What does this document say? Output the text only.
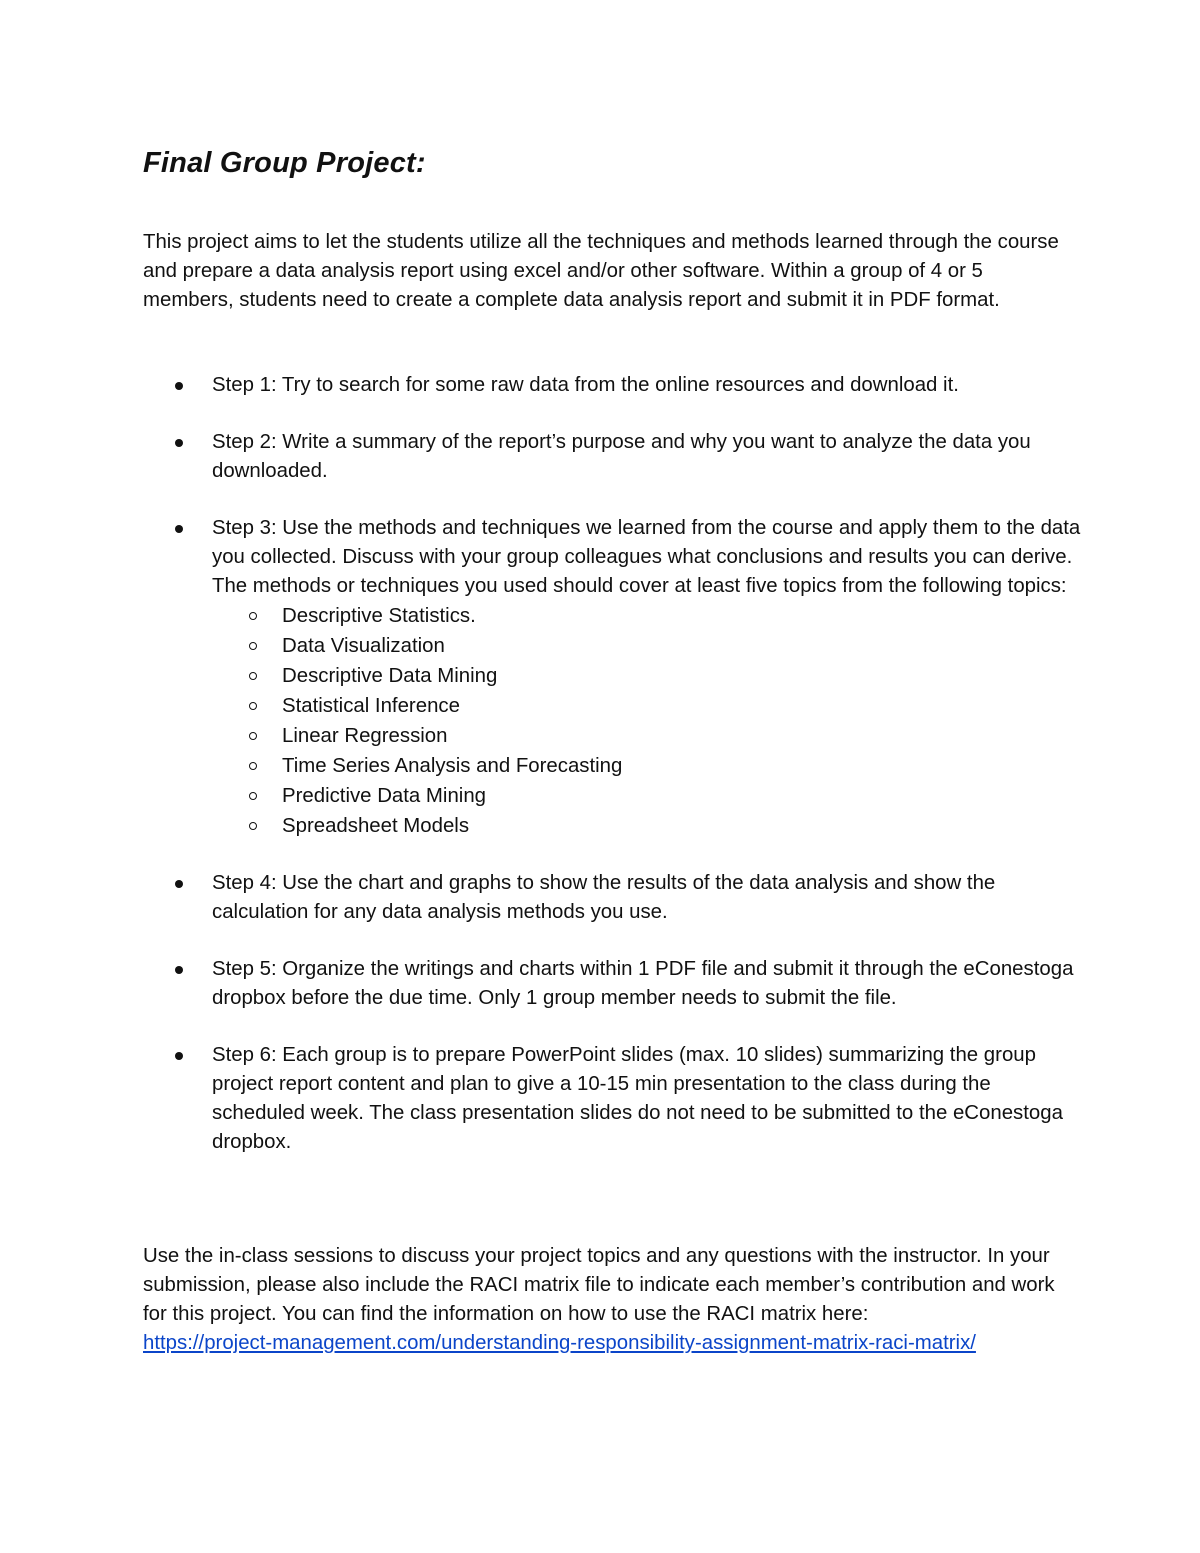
Final Group Project:

This project aims to let the students utilize all the techniques and methods learned through the course and prepare a data analysis report using excel and/or other software. Within a group of 4 or 5 members, students need to create a complete data analysis report and submit it in PDF format.

Step 1: Try to search for some raw data from the online resources and download it.
Step 2: Write a summary of the report’s purpose and why you want to analyze the data you downloaded.
Step 3: Use the methods and techniques we learned from the course and apply them to the data you collected. Discuss with your group colleagues what conclusions and results you can derive. The methods or techniques you used should cover at least five topics from the following topics:
Descriptive Statistics.
Data Visualization
Descriptive Data Mining
Statistical Inference
Linear Regression
Time Series Analysis and Forecasting
Predictive Data Mining
Spreadsheet Models
Step 4: Use the chart and graphs to show the results of the data analysis and show the calculation for any data analysis methods you use.
Step 5: Organize the writings and charts within 1 PDF file and submit it through the eConestoga dropbox before the due time. Only 1 group member needs to submit the file.
Step 6: Each group is to prepare PowerPoint slides (max. 10 slides) summarizing the group project report content and plan to give a 10-15 min presentation to the class during the scheduled week. The class presentation slides do not need to be submitted to the eConestoga dropbox.
Use the in-class sessions to discuss your project topics and any questions with the instructor. In your submission, please also include the RACI matrix file to indicate each member’s contribution and work for this project. You can find the information on how to use the RACI matrix here:
https://project-management.com/understanding-responsibility-assignment-matrix-raci-matrix/
